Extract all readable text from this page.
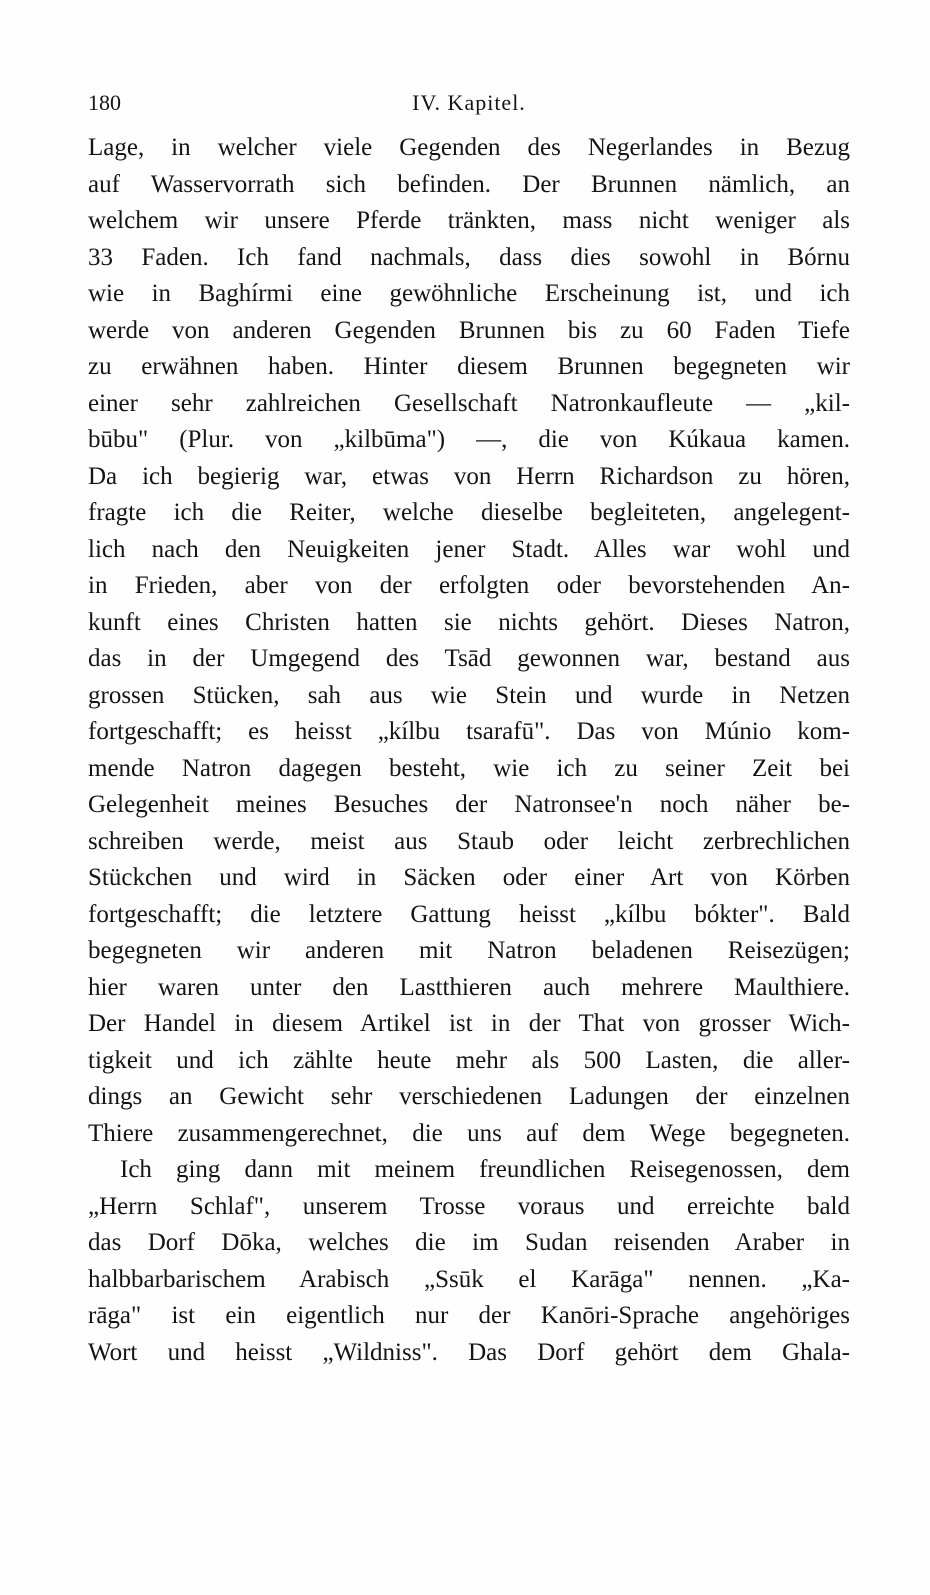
180	IV. Kapitel.
Lage, in welcher viele Gegenden des Negerlandes in Bezug
auf Wasservorrath sich befinden. Der Brunnen nämlich, an
welchem wir unsere Pferde tränkten, mass nicht weniger als
33 Faden. Ich fand nachmals, dass dies sowohl in Bórnu
wie in Baghírmi eine gewöhnliche Erscheinung ist, und ich
werde von anderen Gegenden Brunnen bis zu 60 Faden Tiefe
zu erwähnen haben. Hinter diesem Brunnen begegneten wir
einer sehr zahlreichen Gesellschaft Natronkaufleute — „kil-
būbu" (Plur. von „kilbūma") —, die von Kúkaua kamen.
Da ich begierig war, etwas von Herrn Richardson zu hören,
fragte ich die Reiter, welche dieselbe begleiteten, angelegent-
lich nach den Neuigkeiten jener Stadt. Alles war wohl und
in Frieden, aber von der erfolgten oder bevorstehenden An-
kunft eines Christen hatten sie nichts gehört. Dieses Natron,
das in der Umgegend des Tsād gewonnen war, bestand aus
grossen Stücken, sah aus wie Stein und wurde in Netzen
fortgeschafft; es heisst „kílbu tsarafū". Das von Múnio kom-
mende Natron dagegen besteht, wie ich zu seiner Zeit bei
Gelegenheit meines Besuches der Natronsee'n noch näher be-
schreiben werde, meist aus Staub oder leicht zerbrechlichen
Stückchen und wird in Säcken oder einer Art von Körben
fortgeschafft; die letztere Gattung heisst „kílbu bókter". Bald
begegneten wir anderen mit Natron beladenen Reisezügen;
hier waren unter den Lastthieren auch mehrere Maulthiere.
Der Handel in diesem Artikel ist in der That von grosser Wich-
tigkeit und ich zählte heute mehr als 500 Lasten, die aller-
dings an Gewicht sehr verschiedenen Ladungen der einzelnen
Thiere zusammengerechnet, die uns auf dem Wege begegneten.
Ich ging dann mit meinem freundlichen Reisegenossen, dem
„Herrn Schlaf", unserem Trosse voraus und erreichte bald
das Dorf Dōka, welches die im Sudan reisenden Araber in
halbbarbarischem Arabisch „Ssūk el Karāga" nennen. „Ka-
rāga" ist ein eigentlich nur der Kanōri-Sprache angehöriges
Wort und heisst „Wildniss". Das Dorf gehört dem Ghala-
